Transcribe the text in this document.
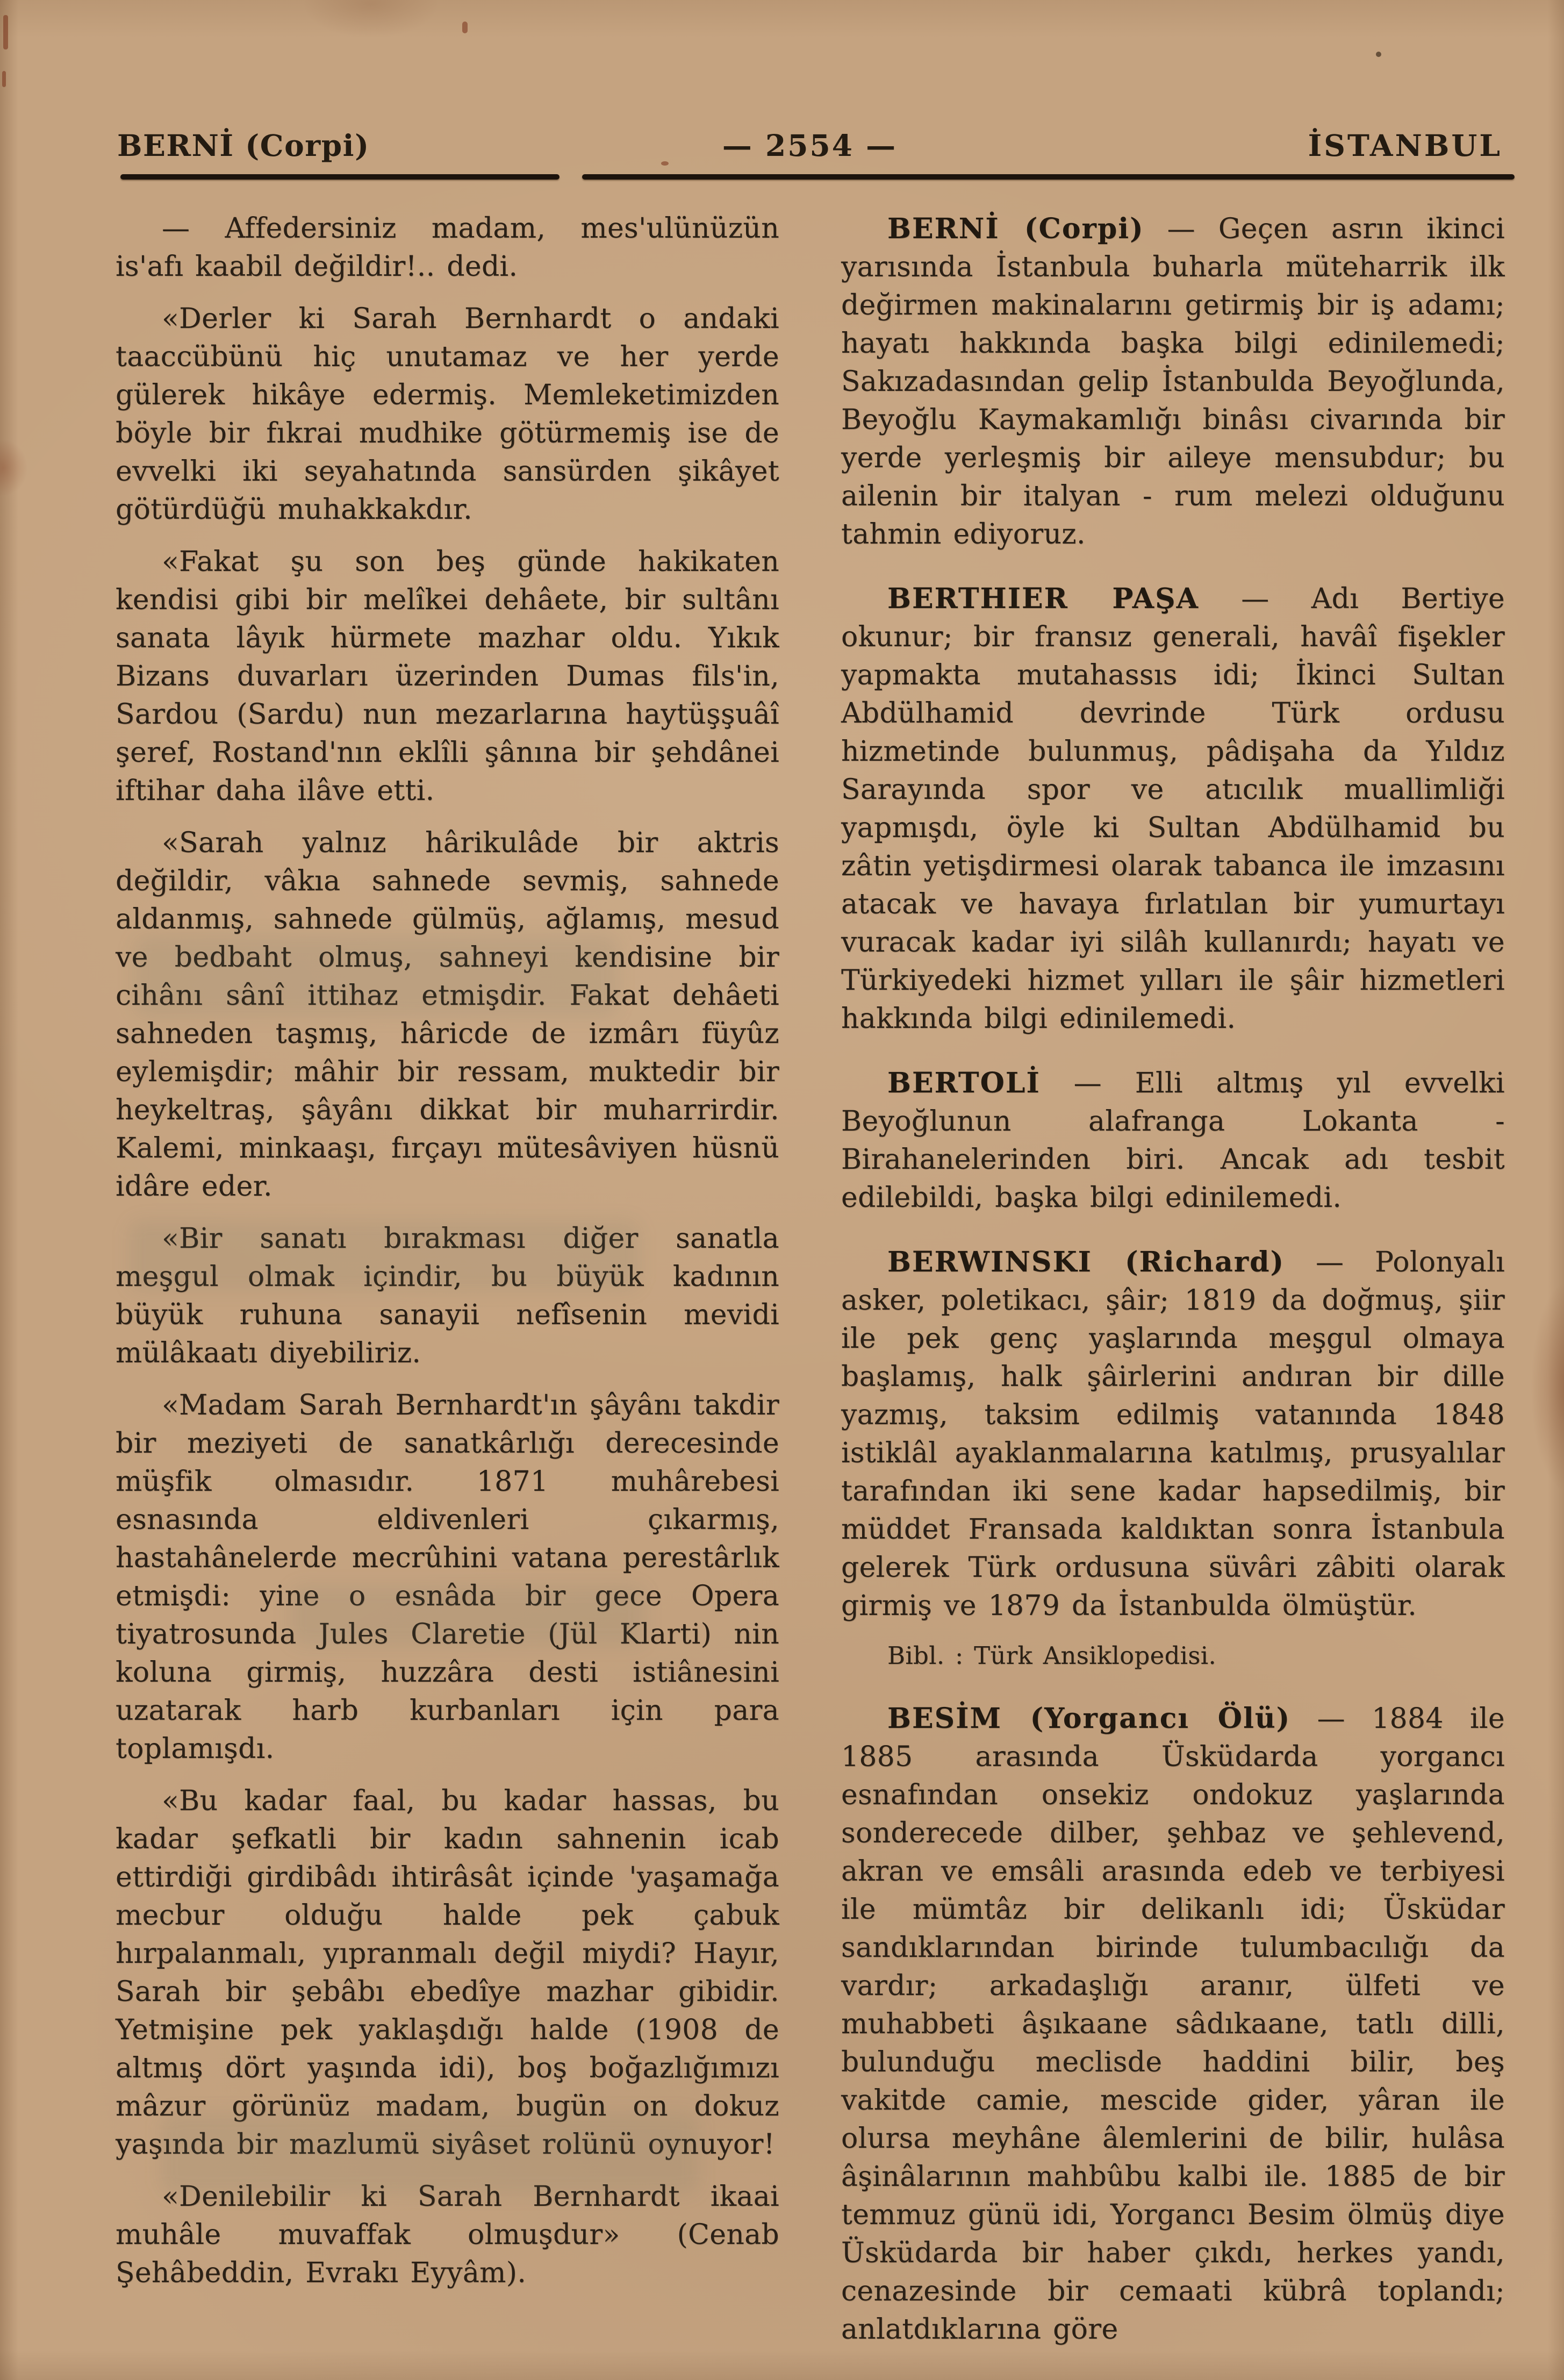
BERNİ (Corpi)	— 2554 —	İSTANBUL

— Affedersiniz madam, mes'ulünüzün is'afı kaabil değildir!.. dedi.

«Derler ki Sarah Bernhardt o andaki taaccübünü hiç unutamaz ve her yerde gülerek hikâye edermiş. Memleketimizden böyle bir fıkrai mudhike götürmemiş ise de evvelki iki seyahatında sansürden şikâyet götürdüğü muhakkakdır.

«Fakat şu son beş günde hakikaten kendisi gibi bir melîkei dehâete, bir sultânı sanata lâyık hürmete mazhar oldu. Yıkık Bizans duvarları üzerinden Dumas fils'in, Sardou (Sardu) nun mezarlarına haytüşşuâî şeref, Rostand'nın eklîli şânına bir şehdânei iftihar daha ilâve etti.

«Sarah yalnız hârikulâde bir aktris değildir, vâkıa sahnede sevmiş, sahnede aldanmış, sahnede gülmüş, ağlamış, mesud ve bedbaht olmuş, sahneyi kendisine bir cihânı sânî ittihaz etmişdir. Fakat dehâeti sahneden taşmış, hâricde de izmârı füyûz eylemişdir; mâhir bir ressam, muktedir bir heykeltraş, şâyânı dikkat bir muharrirdir. Kalemi, minkaaşı, fırçayı mütesâviyen hüsnü idâre eder.

«Bir sanatı bırakması diğer sanatla meşgul olmak içindir, bu büyük kadının büyük ruhuna sanayii nefîsenin mevidi mülâkaatı diyebiliriz.

«Madam Sarah Bernhardt'ın şâyânı takdir bir meziyeti de sanatkârlığı derecesinde müşfik olmasıdır. 1871 muhârebesi esnasında eldivenleri çıkarmış, hastahânelerde mecrûhini vatana perestârlık etmişdi: yine o esnâda bir gece Opera tiyatrosunda Jules Claretie (Jül Klarti) nin koluna girmiş, huzzâra desti istiânesini uzatarak harb kurbanları için para toplamışdı.

«Bu kadar faal, bu kadar hassas, bu kadar şefkatli bir kadın sahnenin icab ettirdiği girdibâdı ihtirâsât içinde 'yaşamağa mecbur olduğu halde pek çabuk hırpalanmalı, yıpranmalı değil miydi? Hayır, Sarah bir şebâbı ebedîye mazhar gibidir. Yetmişine pek yaklaşdığı halde (1908 de altmış dört yaşında idi), boş boğazlığımızı mâzur görünüz madam, bugün on dokuz yaşında bir mazlumü siyâset rolünü oynuyor!

«Denilebilir ki Sarah Bernhardt ikaai muhâle muvaffak olmuşdur» (Cenab Şehâbeddin, Evrakı Eyyâm).

BERNİ (Corpi) — Geçen asrın ikinci yarısında İstanbula buharla müteharrik ilk değirmen makinalarını getirmiş bir iş adamı; hayatı hakkında başka bilgi edinilemedi; Sakızadasından gelip İstanbulda Beyoğlunda, Beyoğlu Kaymakamlığı binâsı civarında bir yerde yerleşmiş bir aileye mensubdur; bu ailenin bir italyan - rum melezi olduğunu tahmin ediyoruz.

BERTHIER PAŞA — Adı Bertiye okunur; bir fransız generali, havâî fişekler yapmakta mutahassıs idi; İkinci Sultan Abdülhamid devrinde Türk ordusu hizmetinde bulunmuş, pâdişaha da Yıldız Sarayında spor ve atıcılık muallimliği yapmışdı, öyle ki Sultan Abdülhamid bu zâtin yetişdirmesi olarak tabanca ile imzasını atacak ve havaya fırlatılan bir yumurtayı vuracak kadar iyi silâh kullanırdı; hayatı ve Türkiyedeki hizmet yılları ile şâir hizmetleri hakkında bilgi edinilemedi.

BERTOLİ — Elli altmış yıl evvelki Beyoğlunun alafranga Lokanta - Birahanelerinden biri. Ancak adı tesbit edilebildi, başka bilgi edinilemedi.

BERWINSKI (Richard) — Polonyalı asker, poletikacı, şâir; 1819 da doğmuş, şiir ile pek genç yaşlarında meşgul olmaya başlamış, halk şâirlerini andıran bir dille yazmış, taksim edilmiş vatanında 1848 istiklâl ayaklanmalarına katılmış, prusyalılar tarafından iki sene kadar hapsedilmiş, bir müddet Fransada kaldıktan sonra İstanbula gelerek Türk ordusuna süvâri zâbiti olarak girmiş ve 1879 da İstanbulda ölmüştür.

Bibl. : Türk Ansiklopedisi.

BESİM (Yorgancı Ölü) — 1884 ile 1885 arasında Üsküdarda yorgancı esnafından onsekiz ondokuz yaşlarında sonderecede dilber, şehbaz ve şehlevend, akran ve emsâli arasında edeb ve terbiyesi ile mümtâz bir delikanlı idi; Üsküdar sandıklarından birinde tulumbacılığı da vardır; arkadaşlığı aranır, ülfeti ve muhabbeti âşıkaane sâdıkaane, tatlı dilli, bulunduğu meclisde haddini bilir, beş vakitde camie, mescide gider, yâran ile olursa meyhâne âlemlerini de bilir, hulâsa âşinâlarının mahbûbu kalbi ile. 1885 de bir temmuz günü idi, Yorgancı Besim ölmüş diye Üsküdarda bir haber çıkdı, herkes yandı, cenazesinde bir cemaati kübrâ toplandı; anlatdıklarına göre
